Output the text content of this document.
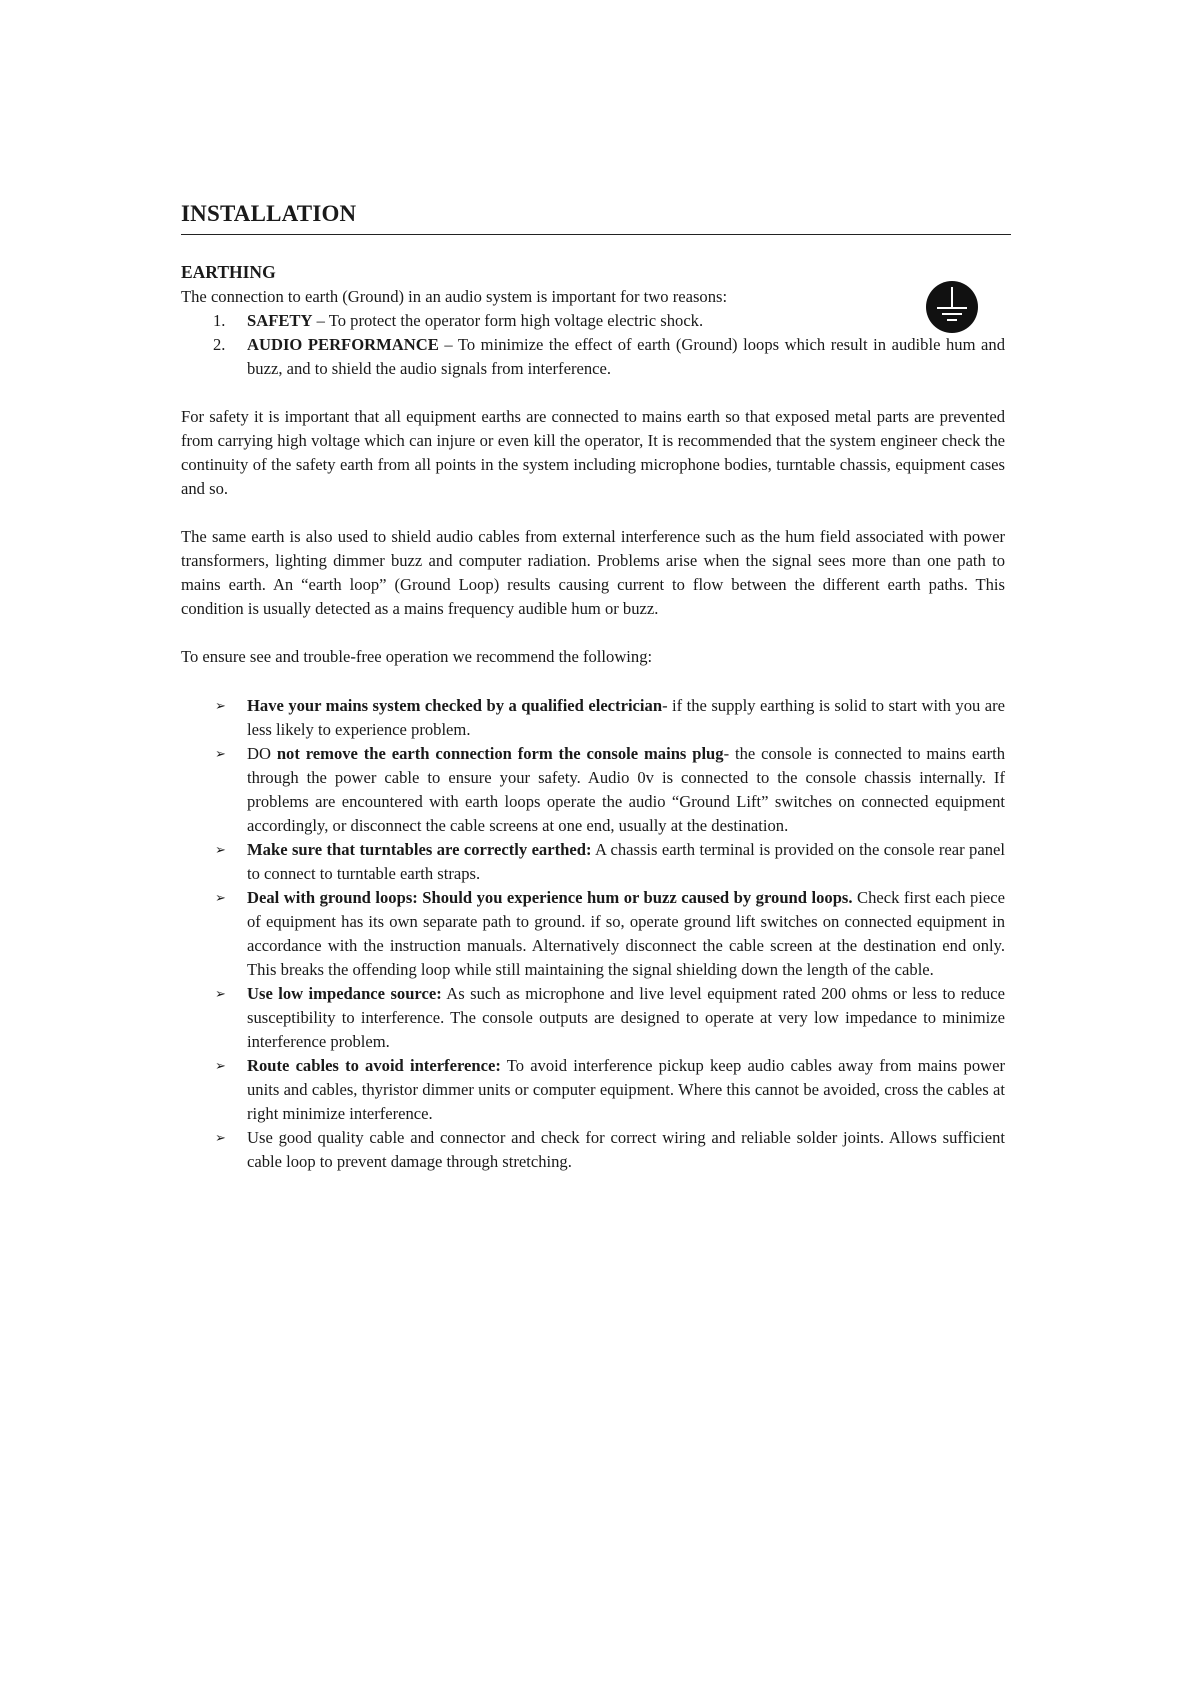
INSTALLATION
EARTHING

The connection to earth (Ground) in an audio system is important for two reasons:

1. SAFETY – To protect the operator form high voltage electric shock.
2. AUDIO PERFORMANCE – To minimize the effect of earth (Ground) loops which result in audible hum and buzz, and to shield the audio signals from interference.

For safety it is important that all equipment earths are connected to mains earth so that exposed metal parts are prevented from carrying high voltage which can injure or even kill the operator, It is recommended that the system engineer check the continuity of the safety earth from all points in the system including microphone bodies, turntable chassis, equipment cases and so.

The same earth is also used to shield audio cables from external interference such as the hum field associated with power transformers, lighting dimmer buzz and computer radiation. Problems arise when the signal sees more than one path to mains earth. An “earth loop” (Ground Loop) results causing current to flow between the different earth paths. This condition is usually detected as a mains frequency audible hum or buzz.

To ensure see and trouble-free operation we recommend the following:

➢ Have your mains system checked by a qualified electrician- if the supply earthing is solid to start with you are less likely to experience problem.
➢ DO not remove the earth connection form the console mains plug- the console is connected to mains earth through the power cable to ensure your safety. Audio 0v is connected to the console chassis internally. If problems are encountered with earth loops operate the audio “Ground Lift” switches on connected equipment accordingly, or disconnect the cable screens at one end, usually at the destination.
➢ Make sure that turntables are correctly earthed: A chassis earth terminal is provided on the console rear panel to connect to turntable earth straps.
➢ Deal with ground loops: Should you experience hum or buzz caused by ground loops. Check first each piece of equipment has its own separate path to ground. if so, operate ground lift switches on connected equipment in accordance with the instruction manuals. Alternatively disconnect the cable screen at the destination end only. This breaks the offending loop while still maintaining the signal shielding down the length of the cable.
➢ Use low impedance source: As such as microphone and live level equipment rated 200 ohms or less to reduce susceptibility to interference. The console outputs are designed to operate at very low impedance to minimize interference problem.
➢ Route cables to avoid interference: To avoid interference pickup keep audio cables away from mains power units and cables, thyristor dimmer units or computer equipment. Where this cannot be avoided, cross the cables at right minimize interference.
➢ Use good quality cable and connector and check for correct wiring and reliable solder joints. Allows sufficient cable loop to prevent damage through stretching.
